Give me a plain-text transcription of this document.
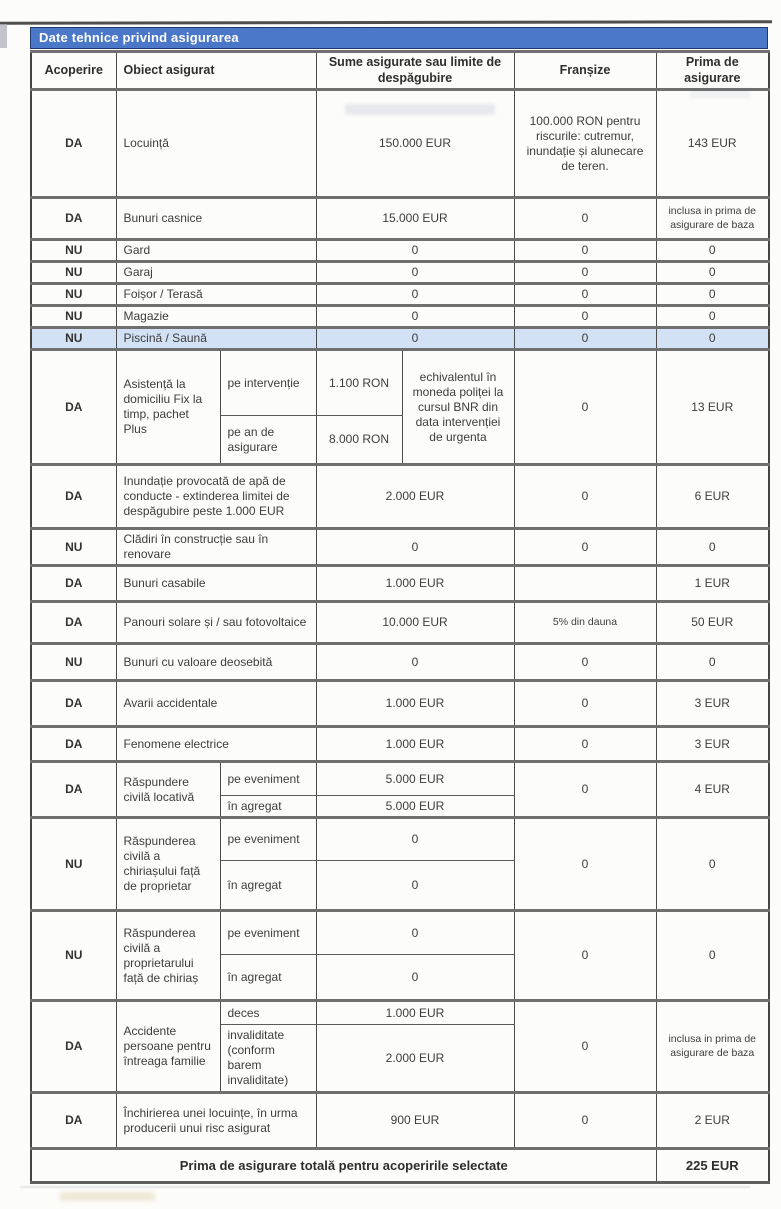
Date tehnice privind asigurarea
Acoperire	Obiect asigurat		Sume asigurate sau limite de despăgubire		Franșize	Prima de asigurare
DA	Locuință		150.000 EUR		100.000 RON pentru riscurile: cutremur, inundație și alunecare de teren.	143 EUR
DA	Bunuri casnice		15.000 EUR		0	inclusa in prima de asigurare de baza
NU	Gard		0		0	0
NU	Garaj		0		0	0
NU	Foișor / Terasă		0		0	0
NU	Magazie		0		0	0
NU	Piscină / Saună		0		0	0
DA	Asistență la domiciliu Fix la timp, pachet Plus	pe intervenție	1.100 RON	echivalentul în moneda poliței la cursul BNR din data intervenției de urgenta	0	13 EUR
		pe an de asigurare	8.000 RON			
DA	Inundație provocată de apă de conducte - extinderea limitei de despăgubire peste 1.000 EUR		2.000 EUR		0	6 EUR
NU	Clădiri în construcție sau în renovare		0		0	0
DA	Bunuri casabile		1.000 EUR			1 EUR
DA	Panouri solare și / sau fotovoltaice		10.000 EUR		5% din dauna	50 EUR
NU	Bunuri cu valoare deosebită		0		0	0
DA	Avarii accidentale		1.000 EUR		0	3 EUR
DA	Fenomene electrice		1.000 EUR		0	3 EUR
DA	Răspundere civilă locativă	pe eveniment	5.000 EUR		0	4 EUR
		în agregat	5.000 EUR			
NU	Răspunderea civilă a chiriașului față de proprietar	pe eveniment	0		0	0
		în agregat	0			
NU	Răspunderea civilă a proprietarului față de chiriaș	pe eveniment	0		0	0
		în agregat	0			
DA	Accidente persoane pentru întreaga familie	deces	1.000 EUR		0	inclusa in prima de asigurare de baza
		invaliditate (conform barem invaliditate)	2.000 EUR			
DA	Închirierea unei locuințe, în urma producerii unui risc asigurat		900 EUR		0	2 EUR
Prima de asigurare totală pentru acoperirile selectate						225 EUR
